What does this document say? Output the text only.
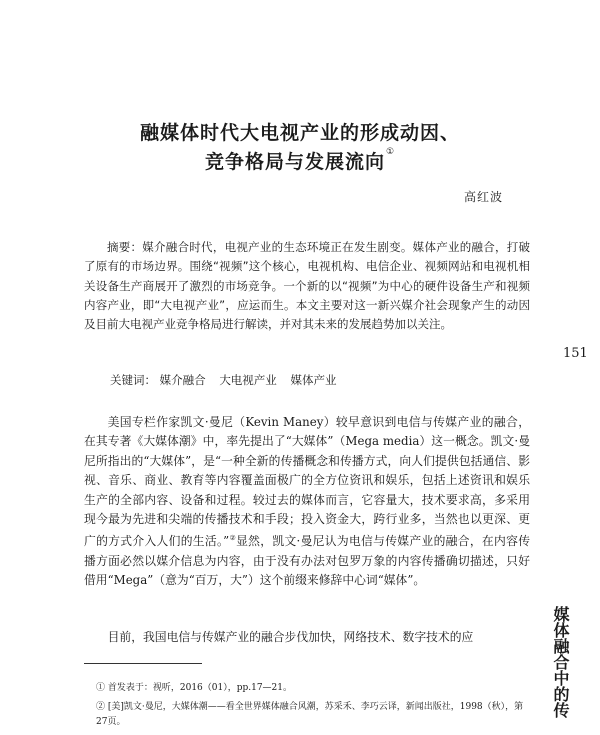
融媒体时代大电视产业的形成动因、
竞争格局与发展流向①

高红波

摘要：媒介融合时代，电视产业的生态环境正在发生剧变。媒体产业的融合，打破了原有的市场边界。围绕“视频”这个核心，电视机构、电信企业、视频网站和电视机相关设备生产商展开了激烈的市场竞争。一个新的以“视频”为中心的硬件设备生产和视频内容产业，即“大电视产业”，应运而生。本文主要对这一新兴媒介社会现象产生的动因及目前大电视产业竞争格局进行解读，并对其未来的发展趋势加以关注。

关键词： 媒介融合 大电视产业 媒体产业

美国专栏作家凯文·曼尼（Kevin Maney）较早意识到电信与传媒产业的融合，在其专著《大媒体潮》中，率先提出了“大媒体”（Mega media）这一概念。凯文·曼尼所指出的“大媒体”，是“一种全新的传播概念和传播方式，向人们提供包括通信、影视、音乐、商业、教育等内容覆盖面极广的全方位资讯和娱乐，包括上述资讯和娱乐生产的全部内容、设备和过程。较过去的媒体而言，它容量大，技术要求高，多采用现今最为先进和尖端的传播技术和手段；投入资金大，跨行业多，当然也以更深、更广的方式介入人们的生活。”②显然，凯文·曼尼认为电信与传媒产业的融合，在内容传播方面必然以媒介信息为内容，由于没有办法对包罗万象的内容传播确切描述，只好借用“Mega”（意为“百万，大”）这个前缀来修辞中心词“媒体”。

目前，我国电信与传媒产业的融合步伐加快，网络技术、数字技术的应

151

① 首发表于：视听，2016（01），pp.17—21。

② [美]凯文·曼尼，大媒体潮——看全世界媒体融合风潮，苏采禾、李巧云译，新闻出版社，1998（秋），第27页。

媒体融合中的传
